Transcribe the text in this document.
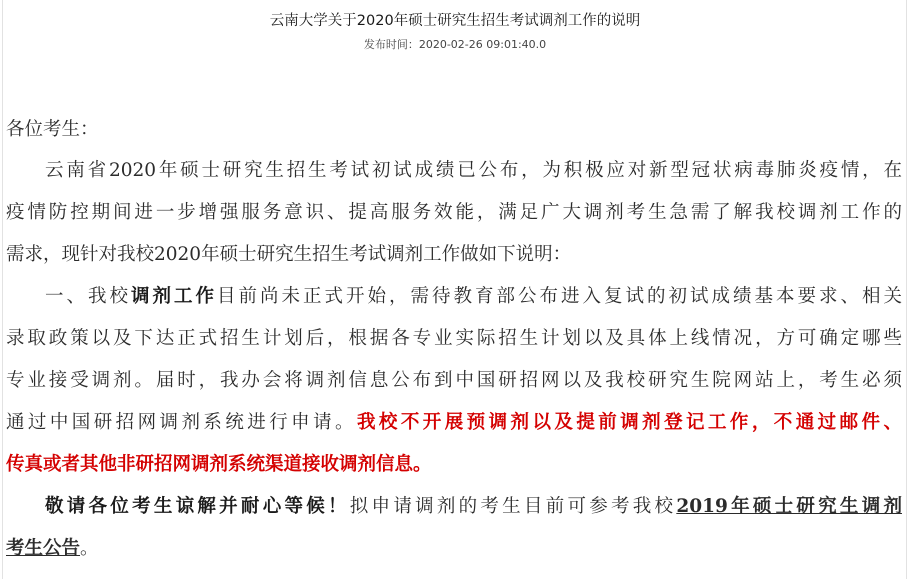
云南大学关于2020年硕士研究生招生考试调剂工作的说明
发布时间：2020-02-26 09:01:40.0
各位考生：
云南省2020年硕士研究生招生考试初试成绩已公布，为积极应对新型冠状病毒肺炎疫情，在
疫情防控期间进一步增强服务意识、提高服务效能，满足广大调剂考生急需了解我校调剂工作的
需求，现针对我校2020年硕士研究生招生考试调剂工作做如下说明：
一、我校调剂工作目前尚未正式开始，需待教育部公布进入复试的初试成绩基本要求、相关
录取政策以及下达正式招生计划后，根据各专业实际招生计划以及具体上线情况，方可确定哪些
专业接受调剂。届时，我办会将调剂信息公布到中国研招网以及我校研究生院网站上，考生必须
通过中国研招网调剂系统进行申请。我校不开展预调剂以及提前调剂登记工作，不通过邮件、
传真或者其他非研招网调剂系统渠道接收调剂信息。
敬请各位考生谅解并耐心等候！拟申请调剂的考生目前可参考我校2019年硕士研究生调剂
考生公告。
